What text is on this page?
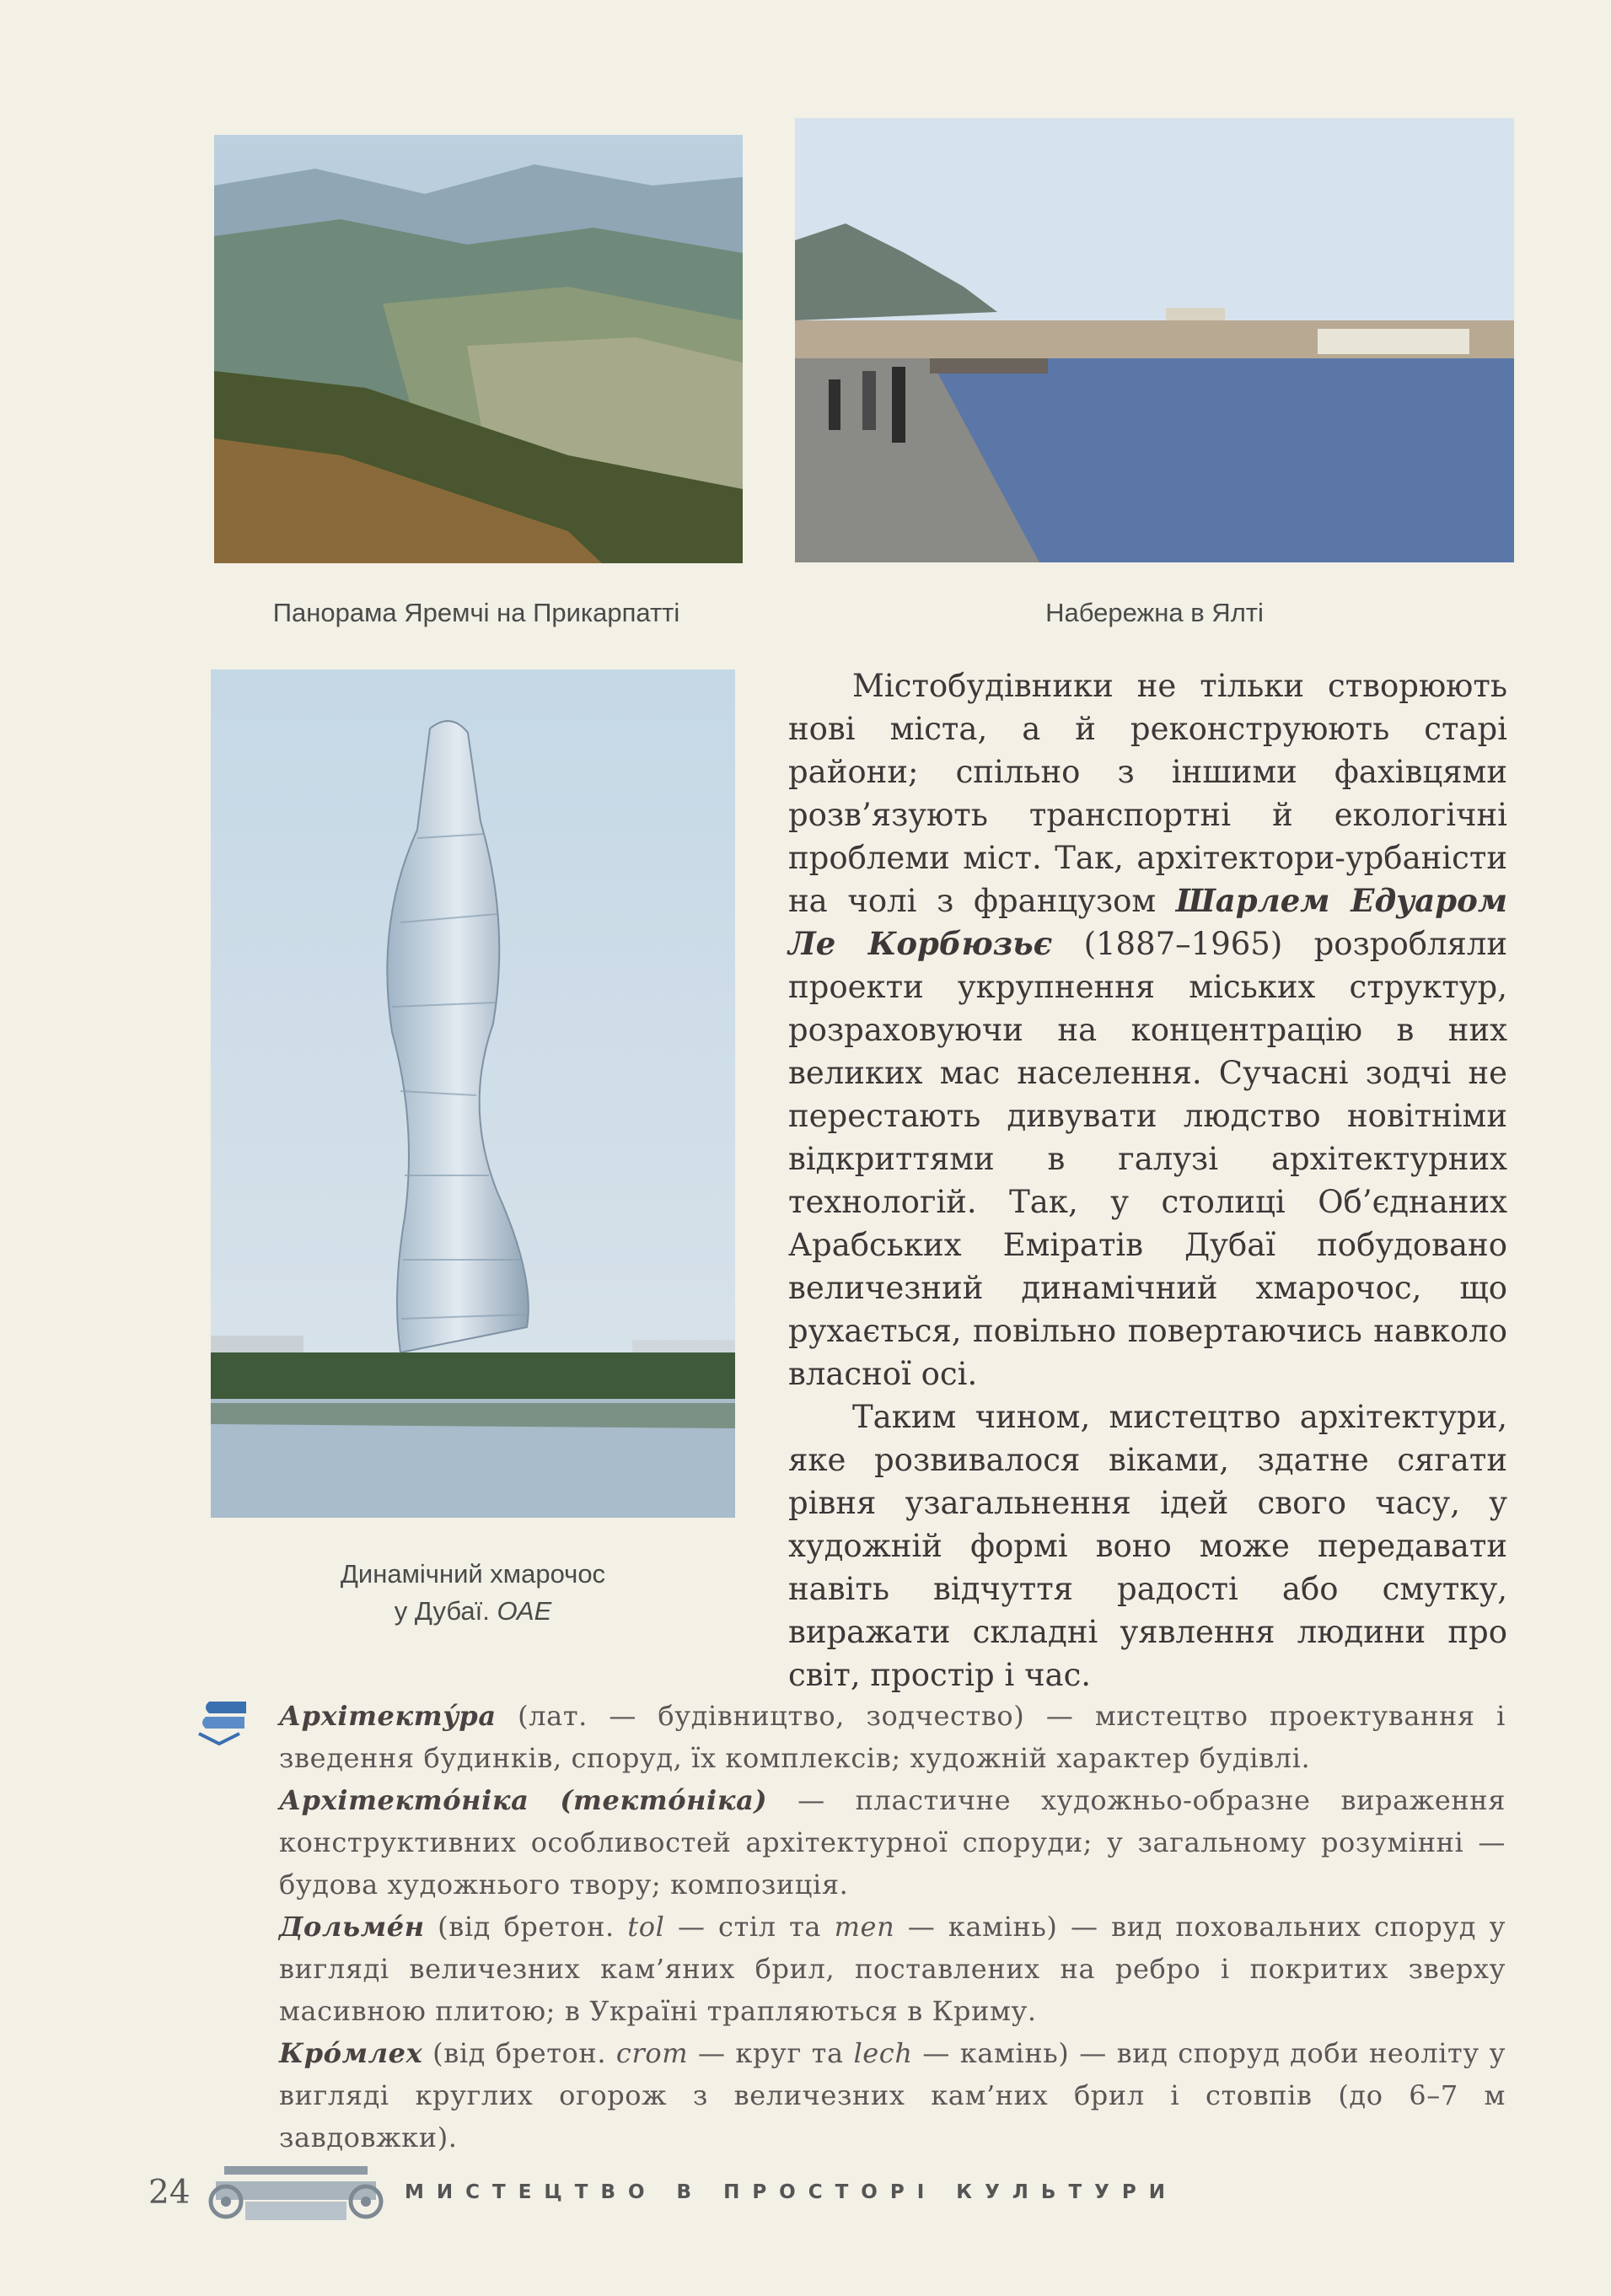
Панорама Яремчі на Прикарпатті	Набережна в Ялті
Динамічний хмарочос
у Дубаї. ОАЕ

Містобудівники не тільки створюють нові міста, а й реконструюють старі райони; спільно з іншими фахівцями розв’язують транспортні й екологічні проблеми міст. Так, архітектори-урбаністи на чолі з французом Шарлем Едуаром Ле Корбюзьє (1887–1965) розробляли проекти укрупнення міських структур, розраховуючи на концентрацію в них великих мас населення. Сучасні зодчі не перестають дивувати людство новітніми відкриттями в галузі архітектурних технологій. Так, у столиці Об’єднаних Арабських Еміратів Дубаї побудовано величезний динамічний хмарочос, що рухається, повільно повертаючись навколо власної осі.

Таким чином, мистецтво архітектури, яке розвивалося віками, здатне сягати рівня узагальнення ідей свого часу, у художній формі воно може передавати навіть відчуття радості або смутку, виражати складні уявлення людини про світ, простір і час.

Архітектýра (лат. — будівництво, зодчество) — мистецтво проектування і зведення будинків, споруд, їх комплексів; художній характер будівлі.

Архітектóніка (тектóніка) — пластичне художньо-образне вираження конструктивних особливостей архітектурної споруди; у загальному розумінні — будова художнього твору; композиція.

Дольмéн (від бретон. tol — стіл та men — камінь) — вид поховальних споруд у вигляді величезних кам’яних брил, поставлених на ребро і покритих зверху масивною плитою; в Україні трапляються в Криму.

Крóмлех (від бретон. crom — круг та lech — камінь) — вид споруд доби неоліту у вигляді круглих огорож з величезних кам’них брил і стовпів (до 6–7 м завдовжки).

24	МИСТЕЦТВО В ПРОСТОРІ КУЛЬТУРИ
